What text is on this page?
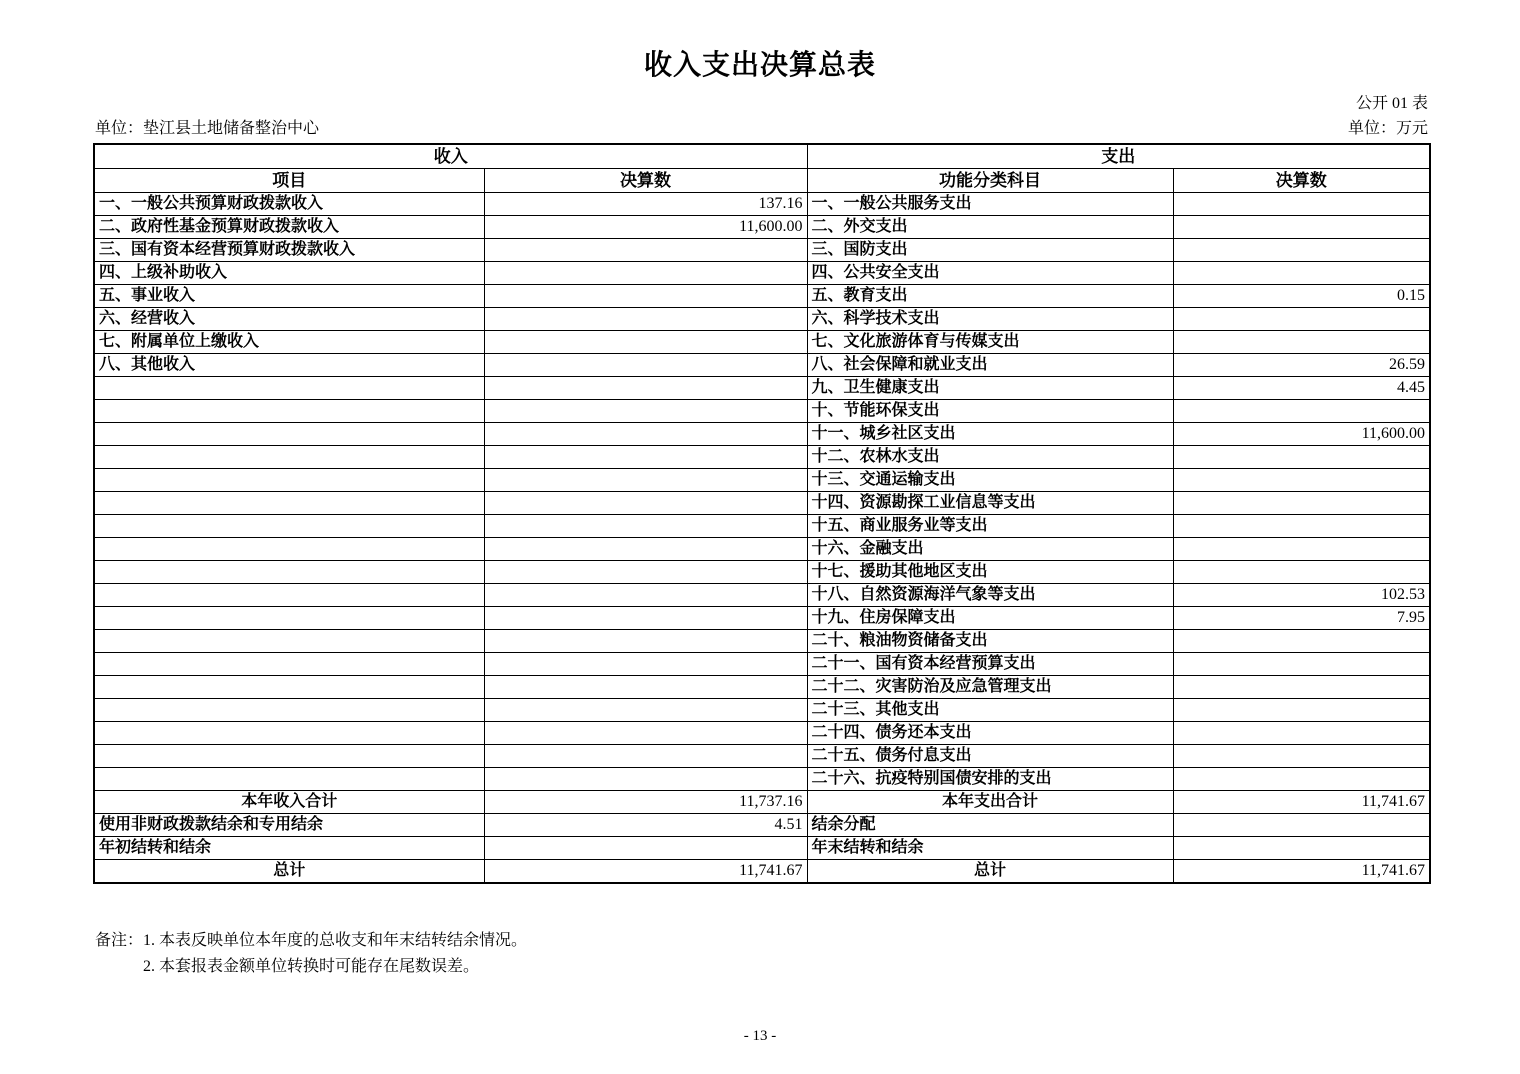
收入支出决算总表
公开 01 表
单位：垫江县土地储备整治中心	单位：万元
收入		支出	
项目	决算数	功能分类科目	决算数
一、一般公共预算财政拨款收入	137.16	一、一般公共服务支出	
二、政府性基金预算财政拨款收入	11,600.00	二、外交支出	
三、国有资本经营预算财政拨款收入		三、国防支出	
四、上级补助收入		四、公共安全支出	
五、事业收入		五、教育支出	0.15
六、经营收入		六、科学技术支出	
七、附属单位上缴收入		七、文化旅游体育与传媒支出	
八、其他收入		八、社会保障和就业支出	26.59
		九、卫生健康支出	4.45
		十、节能环保支出	
		十一、城乡社区支出	11,600.00
		十二、农林水支出	
		十三、交通运输支出	
		十四、资源勘探工业信息等支出	
		十五、商业服务业等支出	
		十六、金融支出	
		十七、援助其他地区支出	
		十八、自然资源海洋气象等支出	102.53
		十九、住房保障支出	7.95
		二十、粮油物资储备支出	
		二十一、国有资本经营预算支出	
		二十二、灾害防治及应急管理支出	
		二十三、其他支出	
		二十四、债务还本支出	
		二十五、债务付息支出	
		二十六、抗疫特别国债安排的支出	
本年收入合计	11,737.16	本年支出合计	11,741.67
使用非财政拨款结余和专用结余	4.51	结余分配	
年初结转和结余		年末结转和结余	
总计	11,741.67	总计	11,741.67
备注： 1. 本表反映单位本年度的总收支和年末结转结余情况。
2. 本套报表金额单位转换时可能存在尾数误差。
- 13 -
